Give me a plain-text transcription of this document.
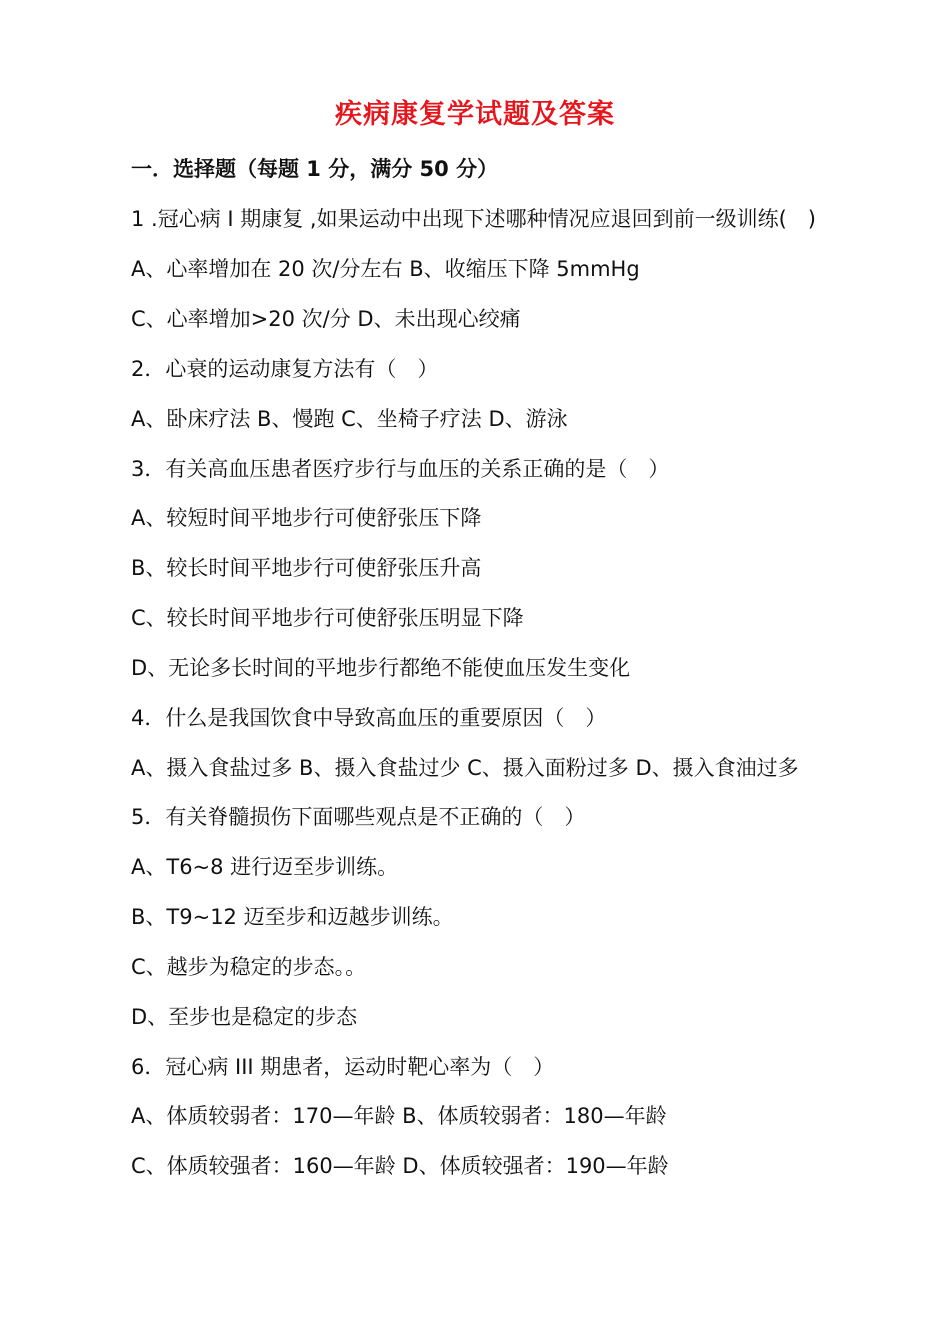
疾病康复学试题及答案
一．选择题（每题 1 分，满分 50 分）
1 .冠心病 I 期康复 ,如果运动中出现下述哪种情况应退回到前一级训练(　)
A、心率增加在 20 次/分左右 B、收缩压下降 5mmHg
C、心率增加>20 次/分 D、未出现心绞痛
2．心衰的运动康复方法有（　）
A、卧床疗法 B、慢跑 C、坐椅子疗法 D、游泳
3．有关高血压患者医疗步行与血压的关系正确的是（　）
A、较短时间平地步行可使舒张压下降
B、较长时间平地步行可使舒张压升高
C、较长时间平地步行可使舒张压明显下降
D、无论多长时间的平地步行都绝不能使血压发生变化
4．什么是我国饮食中导致高血压的重要原因（　）
A、摄入食盐过多 B、摄入食盐过少 C、摄入面粉过多 D、摄入食油过多
5．有关脊髓损伤下面哪些观点是不正确的（　）
A、T6~8 进行迈至步训练。
B、T9~12 迈至步和迈越步训练。
C、越步为稳定的步态。。
D、至步也是稳定的步态
6．冠心病 III 期患者，运动时靶心率为（　）
A、体质较弱者：170—年龄 B、体质较弱者：180—年龄
C、体质较强者：160—年龄 D、体质较强者：190—年龄
